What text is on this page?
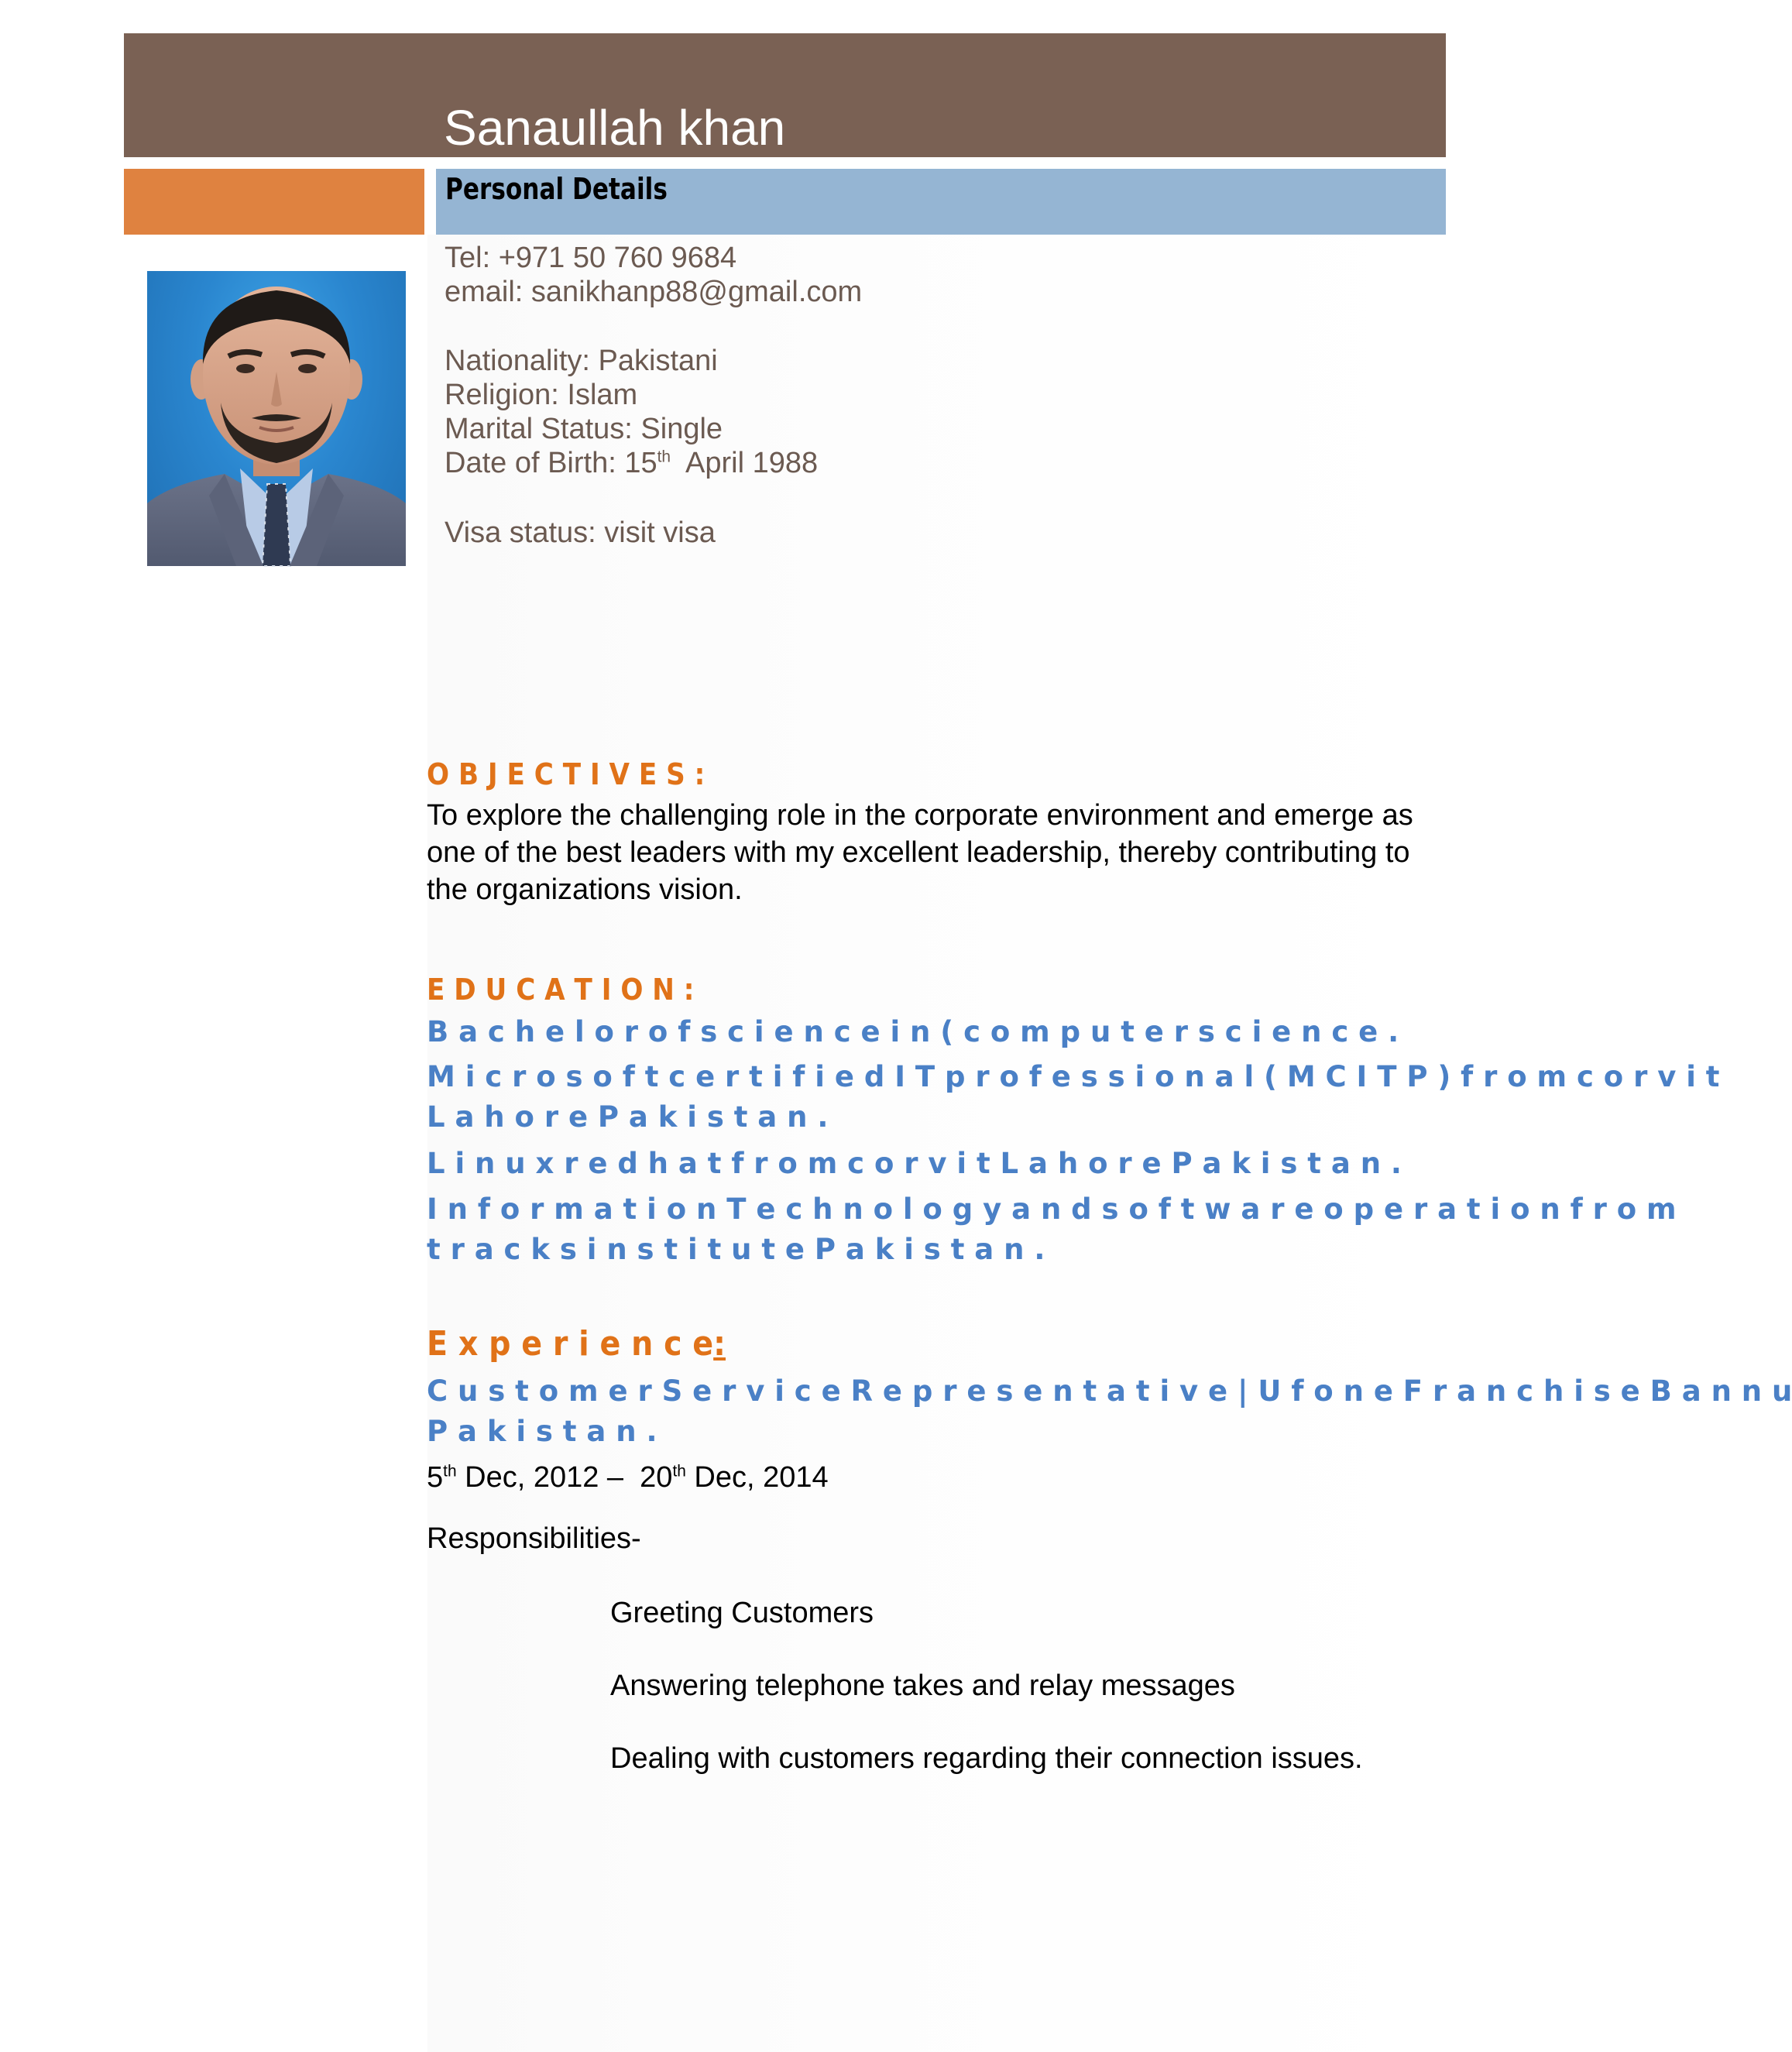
Sanaullah khan
Personal Details
Tel: +971 50 760 9684
email: sanikhanp88@gmail.com
Nationality: Pakistani
Religion: Islam
Marital Status: Single
Date of Birth: 15th  April 1988
Visa status: visit visa
O B J E C T I V E S :
To explore the challenging role in the corporate environment and emerge as
one of the best leaders with my excellent leadership, thereby contributing to
the organizations vision.
E D U C A T I O N :
B a c h e l o r o f s c i e n c e i n ( c o m p u t e r s c i e n c e .
M i c r o s o f t c e r t i f i e d I T p r o f e s s i o n a l ( M C I T P ) f r o m c o r v i t
L a h o r e P a k i s t a n .
L i n u x r e d h a t f r o m c o r v i t L a h o r e P a k i s t a n .
I n f o r m a t i o n T e c h n o l o g y a n d s o f t w a r e o p e r a t i o n f r o m
t r a c k s i n s t i t u t e P a k i s t a n .
E x p e r i e n c e:
C u s t o m e r S e r v i c e R e p r e s e n t a t i v e | U f o n e F r a n c h i s e B a n n u
P a k i s t a n .
5th Dec, 2012 –  20th Dec, 2014
Responsibilities-
Greeting Customers
Answering telephone takes and relay messages
Dealing with customers regarding their connection issues.
